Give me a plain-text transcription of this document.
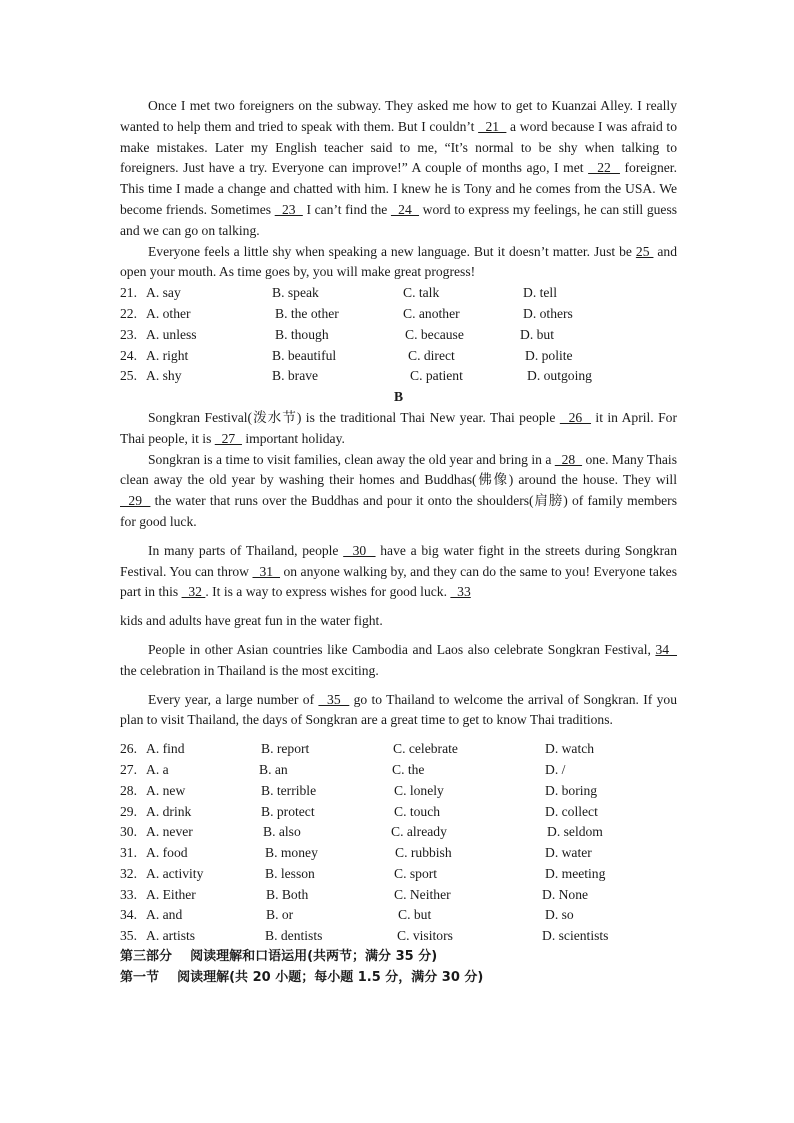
Once I met two foreigners on the subway. They asked me how to get to Kuanzai Alley. I really wanted to help them and tried to speak with them. But I couldn’t   21   a word because I was afraid to make mistakes. Later my English teacher said to me, “It’s normal to be shy when talking to foreigners. Just have a try. Everyone can improve!” A couple of months ago, I met   22   foreigner. This time I made a change and chatted with him. I knew he is Tony and he comes from the USA. We become friends. Sometimes   23   I can’t find the   24   word to express my feelings, he can still guess and we can go on talking.

Everyone feels a little shy when speaking a new language. But it doesn’t matter. Just be 25  and open your mouth. As time goes by, you will make great progress!

21. A. say	B. speak	C. talk	D. tell
22. A. other	B. the other	C. another	D. others
23. A. unless	B. though	C. because	D. but
24. A. right	B. beautiful	C. direct	D. polite
25. A. shy	B. brave	C. patient	D. outgoing
B

Songkran Festival(泼水节) is the traditional Thai New year. Thai people   26   it in April. For Thai people, it is   27   important holiday.

Songkran is a time to visit families, clean away the old year and bring in a   28   one. Many Thais clean away the old year by washing their homes and Buddhas(佛像) around the house. They will   29   the water that runs over the Buddhas and pour it onto the shoulders(肩膀) of family members for good luck.

In many parts of Thailand, people   30   have a big water fight in the streets during Songkran Festival. You can throw   31   on anyone walking by, and they can do the same to you! Everyone takes part in this   32 . It is a way to express wishes for good luck.   33

kids and adults have great fun in the water fight.

People in other Asian countries like Cambodia and Laos also celebrate Songkran Festival, 34   the celebration in Thailand is the most exciting.

Every year, a large number of   35   go to Thailand to welcome the arrival of Songkran. If you plan to visit Thailand, the days of Songkran are a great time to get to know Thai traditions.

26. A. find	B. report	C. celebrate	D. watch
27. A. a	B. an	C. the	D. /
28. A. new	B. terrible	C. lonely	D. boring
29. A. drink	B. protect	C. touch	D. collect
30. A. never	B. also	C. already	D. seldom
31. A. food	B. money	C. rubbish	D. water
32. A. activity	B. lesson	C. sport	D. meeting
33. A. Either	B. Both	C. Neither	D. None
34. A. and	B. or	C. but	D. so
35. A. artists	B. dentists	C. visitors	D. scientists
第三部分    阅读理解和口语运用(共两节；满分 35 分)
第一节    阅读理解(共 20 小题；每小题 1.5 分，满分 30 分)
